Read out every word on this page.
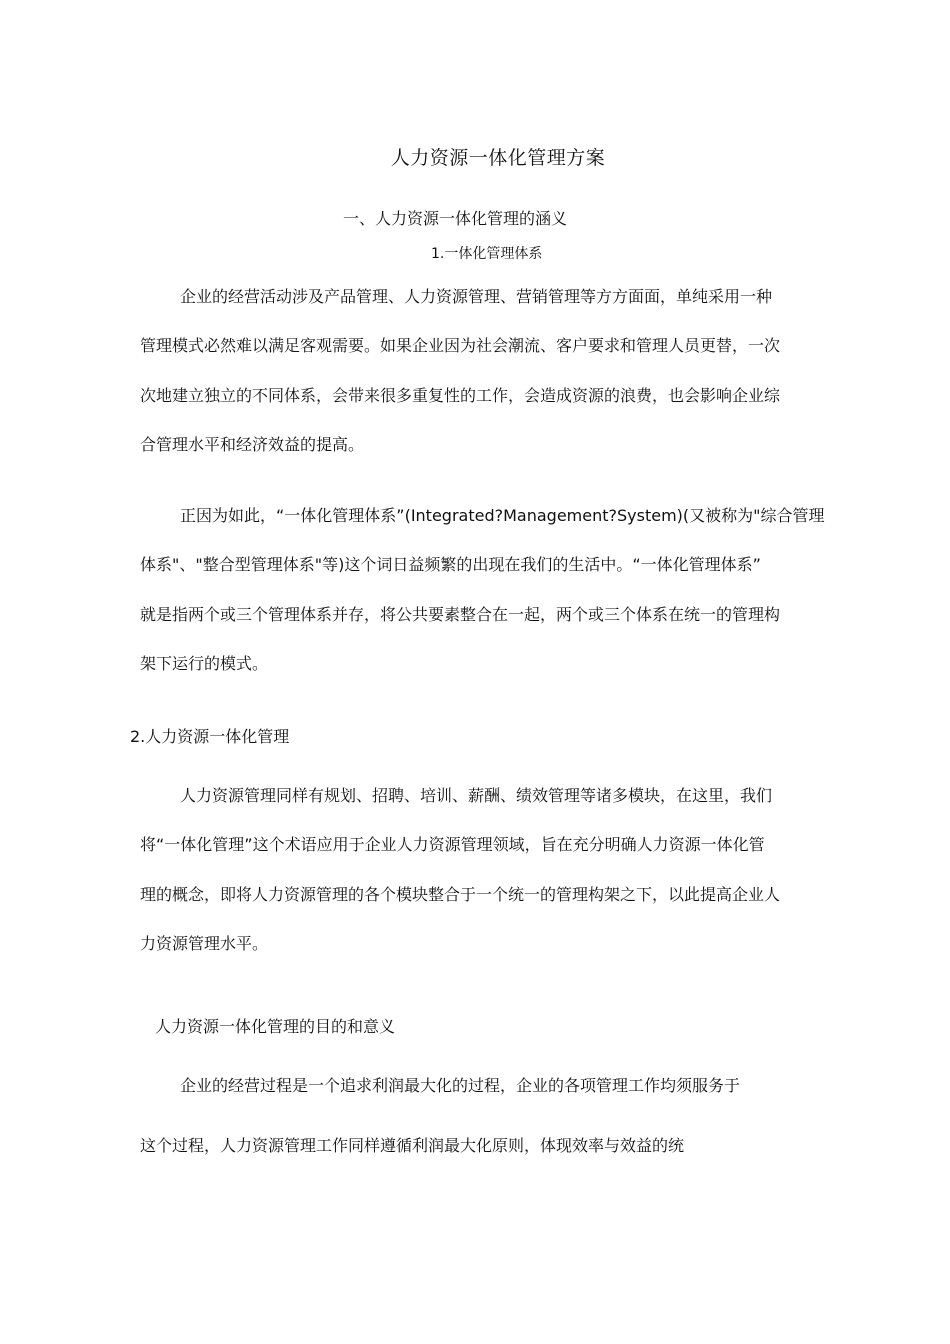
人力资源一体化管理方案
一、人力资源一体化管理的涵义
1.一体化管理体系
企业的经营活动涉及产品管理、人力资源管理、营销管理等方方面面，单纯采用一种
管理模式必然难以满足客观需要。如果企业因为社会潮流、客户要求和管理人员更替，一次
次地建立独立的不同体系，会带来很多重复性的工作，会造成资源的浪费，也会影响企业综
合管理水平和经济效益的提高。
正因为如此，“一体化管理体系”(Integrated?Management?System)(又被称为"综合管理
体系"、"整合型管理体系"等)这个词日益频繁的出现在我们的生活中。“一体化管理体系”
就是指两个或三个管理体系并存，将公共要素整合在一起，两个或三个体系在统一的管理构
架下运行的模式。
2.人力资源一体化管理
人力资源管理同样有规划、招聘、培训、薪酬、绩效管理等诸多模块，在这里，我们
将“一体化管理”这个术语应用于企业人力资源管理领域，旨在充分明确人力资源一体化管
理的概念，即将人力资源管理的各个模块整合于一个统一的管理构架之下，以此提高企业人
力资源管理水平。
人力资源一体化管理的目的和意义
企业的经营过程是一个追求利润最大化的过程，企业的各项管理工作均须服务于
这个过程，人力资源管理工作同样遵循利润最大化原则，体现效率与效益的统
